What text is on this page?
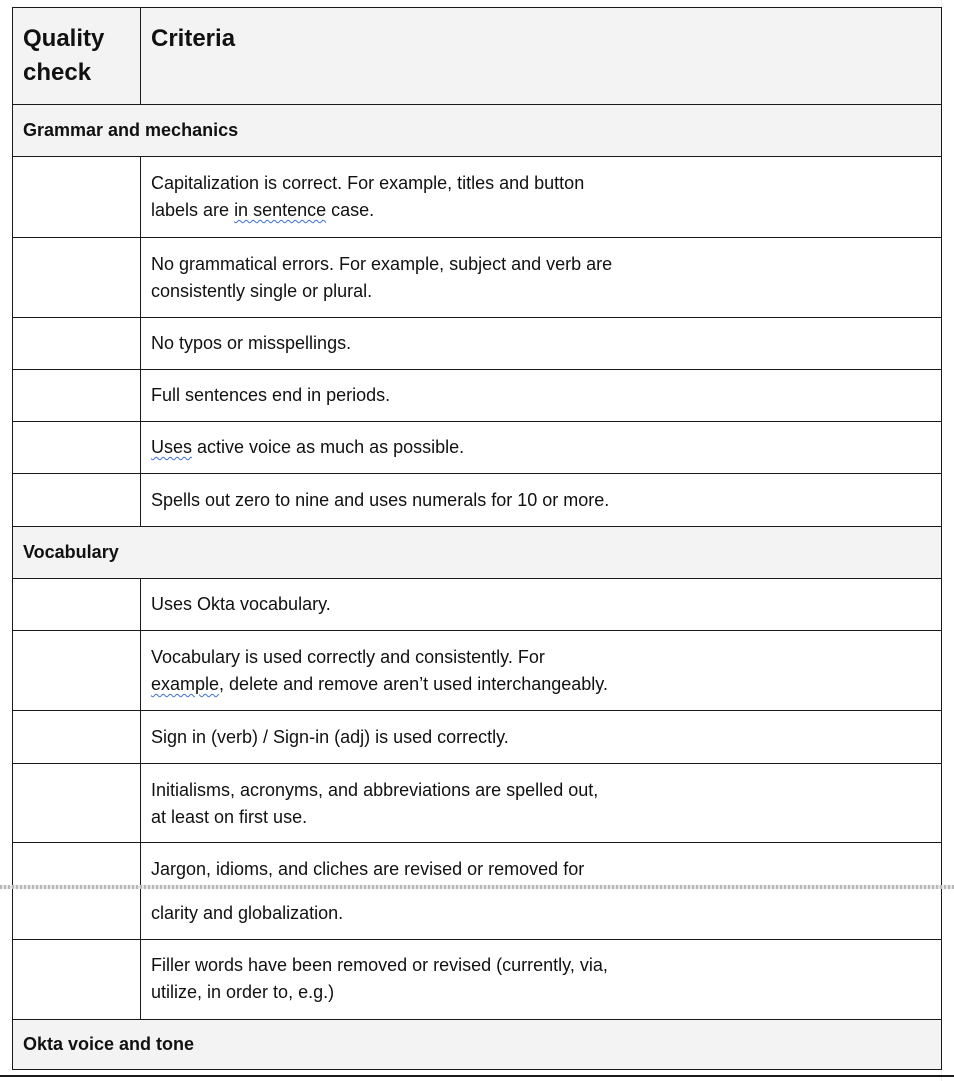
Quality check	Criteria
Grammar and mechanics	

	Capitalization is correct. For example, titles and button
labels are in sentence case.

	No grammatical errors. For example, subject and verb are
consistently single or plural.

	No typos or misspellings.
	Full sentences end in periods.
	Uses active voice as much as possible.
	Spells out zero to nine and uses numerals for 10 or more.
Vocabulary	
	Uses Okta vocabulary.

	Vocabulary is used correctly and consistently. For
example, delete and remove aren’t used interchangeably.

	Sign in (verb) / Sign-in (adj) is used correctly.

	Initialisms, acronyms, and abbreviations are spelled out,
at least on first use.

	Jargon, idioms, and cliches are revised or removed for
	clarity and globalization.

	Filler words have been removed or revised (currently, via,
utilize, in order to, e.g.)

Okta voice and tone	
